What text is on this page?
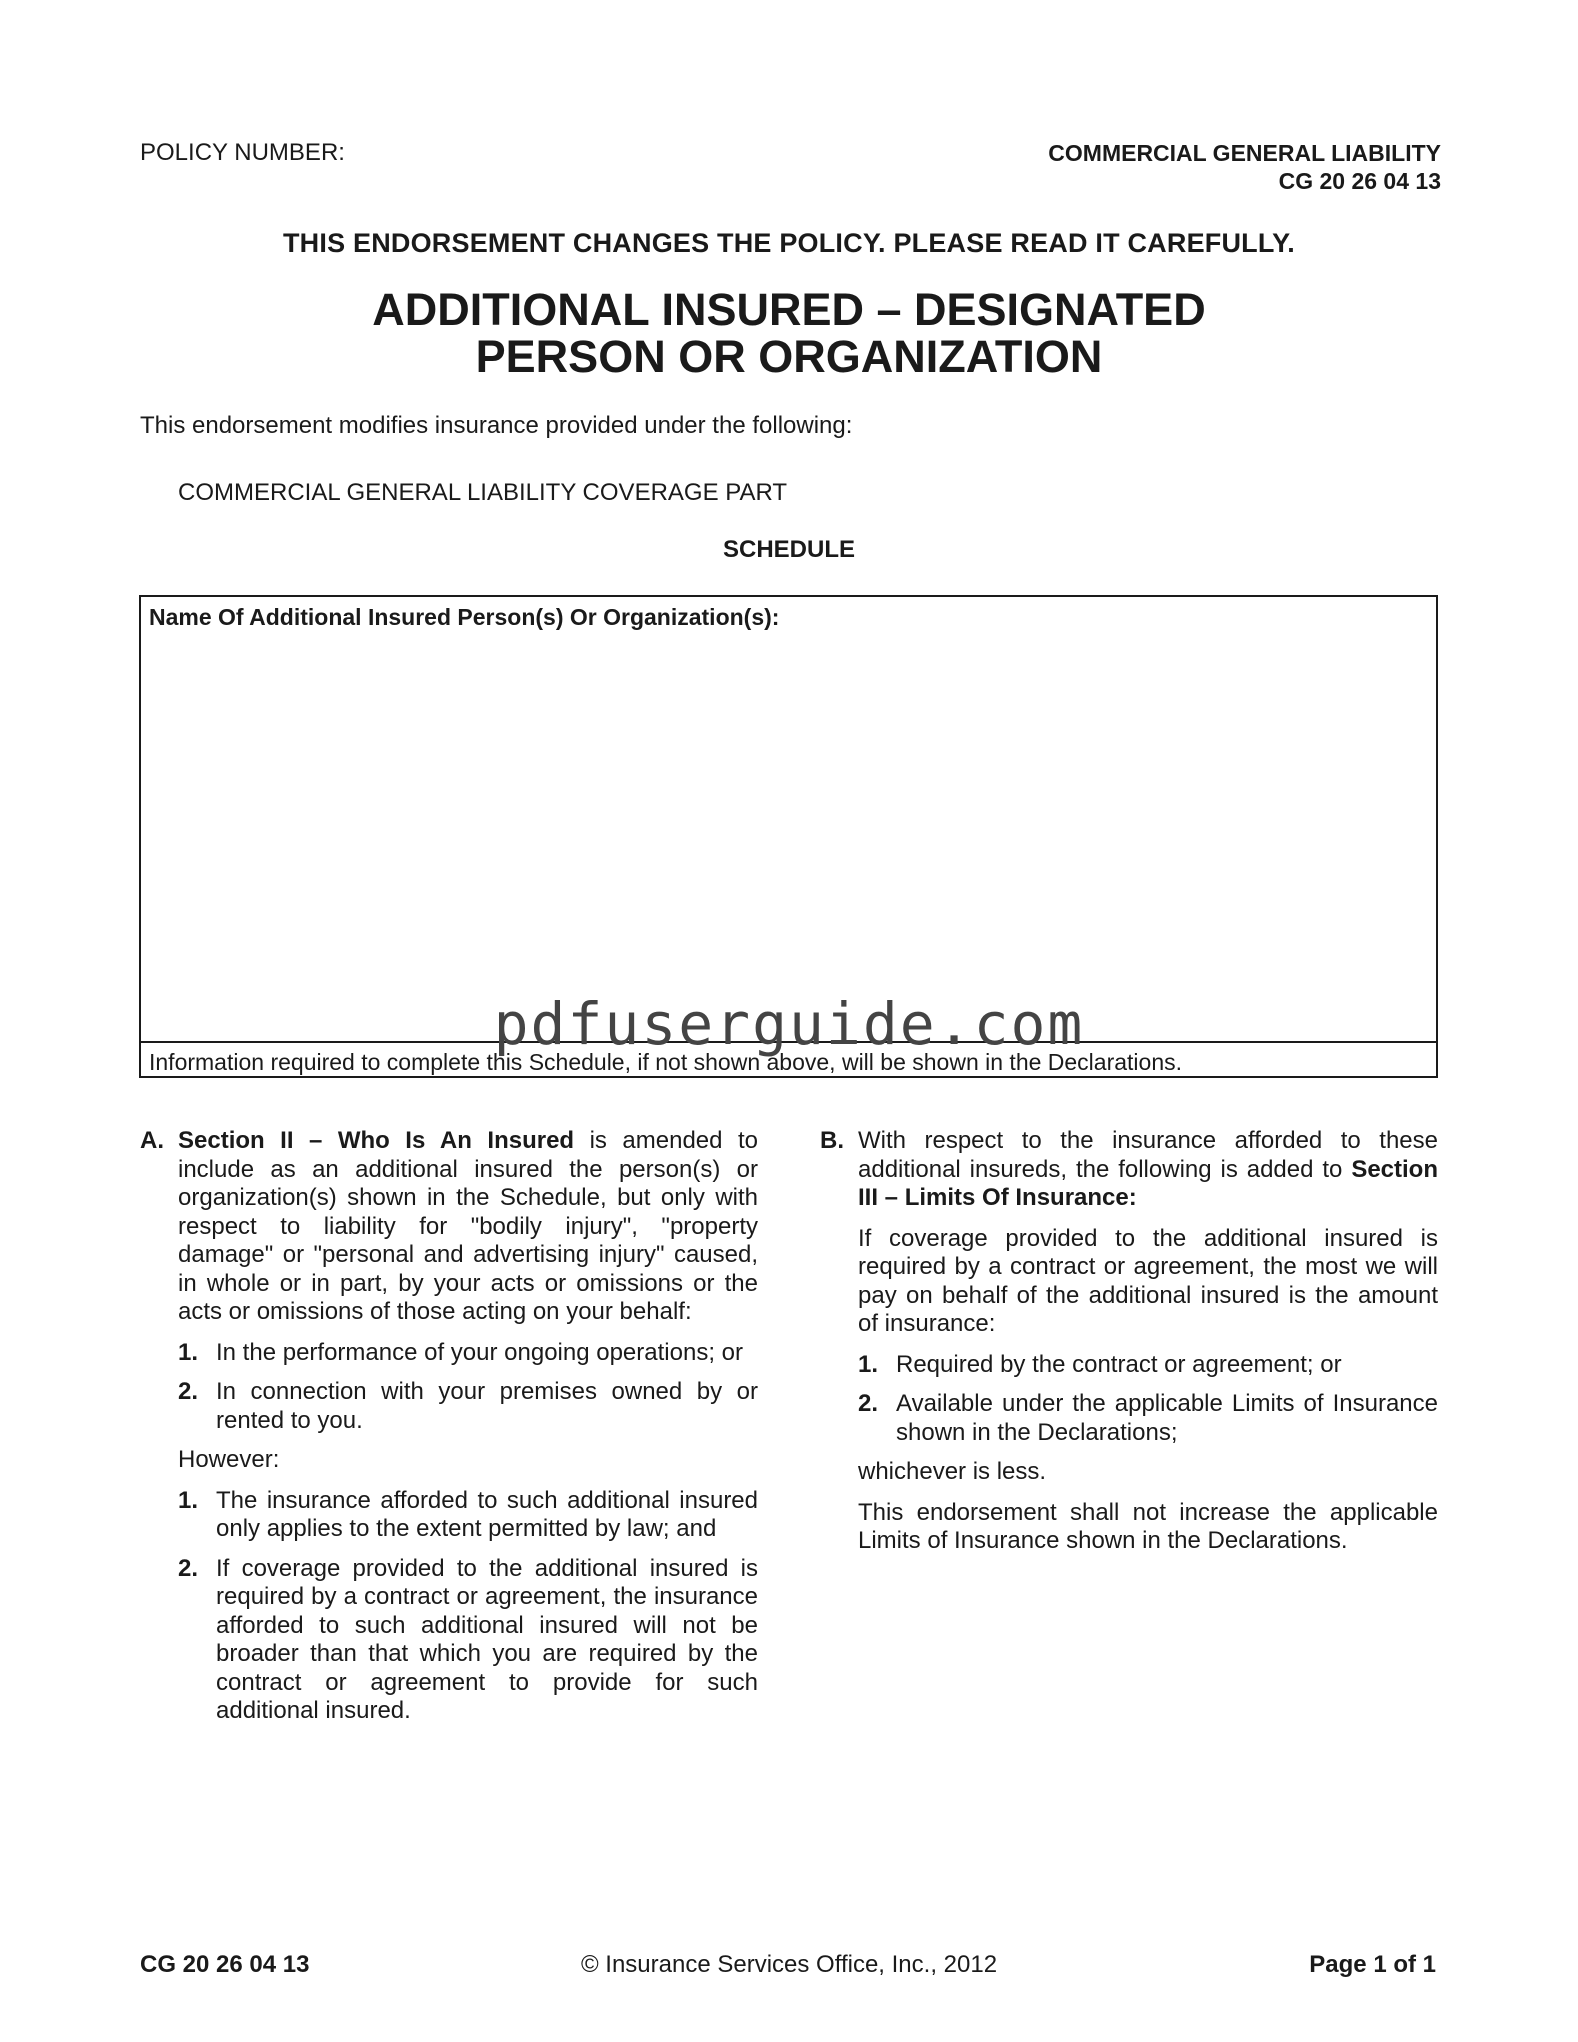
POLICY NUMBER:	COMMERCIAL GENERAL LIABILITY
CG 20 26 04 13
THIS ENDORSEMENT CHANGES THE POLICY. PLEASE READ IT CAREFULLY.
ADDITIONAL INSURED – DESIGNATED
PERSON OR ORGANIZATION
This endorsement modifies insurance provided under the following:
COMMERCIAL GENERAL LIABILITY COVERAGE PART
SCHEDULE
Name Of Additional Insured Person(s) Or Organization(s):
Information required to complete this Schedule, if not shown above, will be shown in the Declarations.
pdfuserguide.com
A. Section II – Who Is An Insured is amended to include as an additional insured the person(s) or organization(s) shown in the Schedule, but only with respect to liability for "bodily injury", "property damage" or "personal and advertising injury" caused, in whole or in part, by your acts or omissions or the acts or omissions of those acting on your behalf:
1. In the performance of your ongoing operations; or
2. In connection with your premises owned by or rented to you.
However:
1. The insurance afforded to such additional insured only applies to the extent permitted by law; and
2. If coverage provided to the additional insured is required by a contract or agreement, the insurance afforded to such additional insured will not be broader than that which you are required by the contract or agreement to provide for such additional insured.
B. With respect to the insurance afforded to these additional insureds, the following is added to Section III – Limits Of Insurance:
If coverage provided to the additional insured is required by a contract or agreement, the most we will pay on behalf of the additional insured is the amount of insurance:
1. Required by the contract or agreement; or
2. Available under the applicable Limits of Insurance shown in the Declarations;
whichever is less.
This endorsement shall not increase the applicable Limits of Insurance shown in the Declarations.
CG 20 26 04 13	© Insurance Services Office, Inc., 2012	Page 1 of 1
